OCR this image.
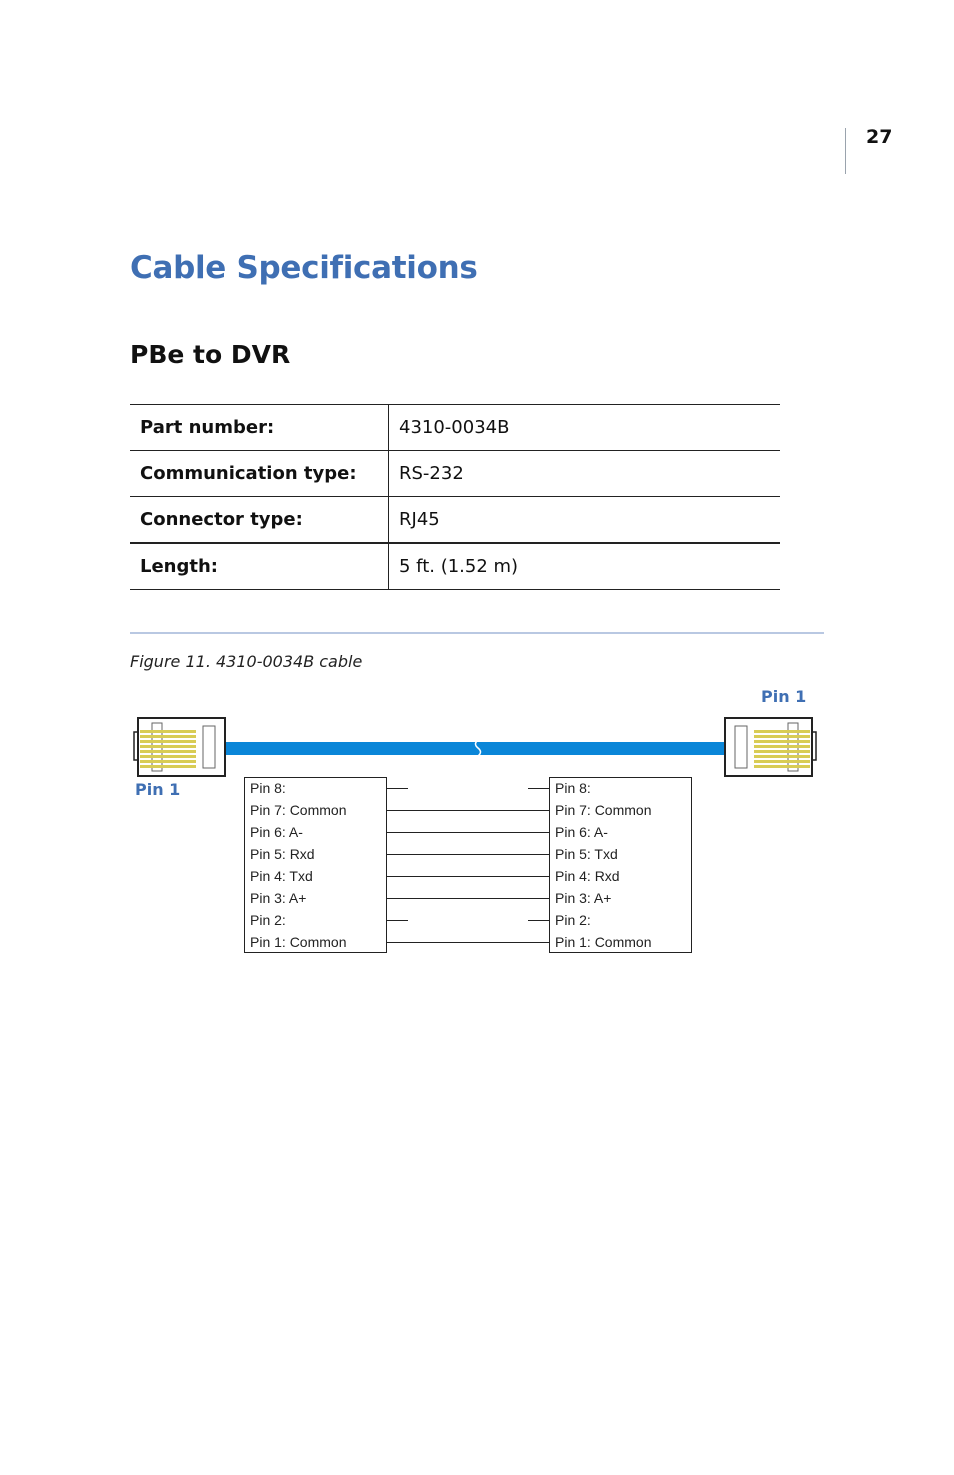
27
Cable Specifications
PBe to DVR
Part number:	4310-0034B
Communication type:	RS-232
Connector type:	RJ45
Length:	5 ft. (1.52 m)
Figure 11. 4310-0034B cable
Pin 1
Pin 1	Pin 8:
Pin 7: Common
Pin 6: A-
Pin 5: Rxd
Pin 4: Txd
Pin 3: A+
Pin 2:
Pin 1: Common
Pin 8:
Pin 7: Common
Pin 6: A-
Pin 5: Txd
Pin 4: Rxd
Pin 3: A+
Pin 2:
Pin 1: Common
